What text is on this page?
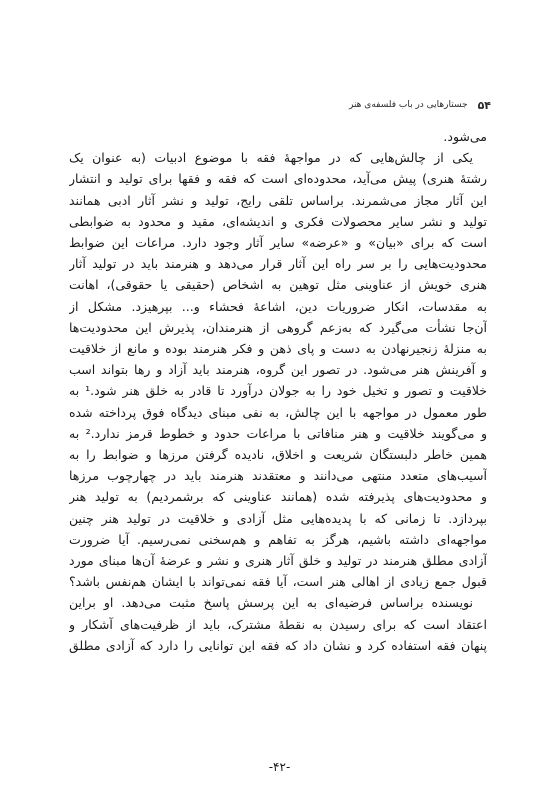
۵۴
جستارهایی در باب فلسفه‌ی هنر
می‌شود.
یکی از چالش‌هایی که در مواجهۀ فقه با موضوع ادبیات (به عنوان یک
رشتۀ هنری) پیش می‌آید، محدوده‌ای است که فقه و فقها برای تولید و انتشار
این آثار مجاز می‌شمرند. براساس تلقی رایج، تولید و نشر آثار ادبی همانند
تولید و نشر سایر محصولات فکری و اندیشه‌ای، مقید و محدود به ضوابطی
است که برای «بیان» و «عرضه» سایر آثار وجود دارد. مراعات این ضوابط
محدودیت‌هایی را بر سر راه این آثار قرار می‌دهد و هنرمند باید در تولید آثار
هنری خویش از عناوینی مثل توهین به اشخاص (حقیقی یا حقوقی)، اهانت
به مقدسات، انکار ضروریات دین، اشاعۀ فحشاء و... بپرهیزد. مشکل از
آن‌جا نشأت می‌گیرد که به‌زعم گروهی از هنرمندان، پذیرش این محدودیت‌ها
به منزلۀ زنجیرنهادن به دست و پای ذهن و فکر هنرمند بوده و مانع از خلاقیت
و آفرینش هنر می‌شود. در تصور این گروه، هنرمند باید آزاد و رها بتواند اسب
خلاقیت و تصور و تخیل خود را به جولان درآورد تا قادر به خلق هنر شود.¹ به
طور معمول در مواجهه با این چالش، به نفی مبنای دیدگاه فوق پرداخته شده
و می‌گویند خلاقیت و هنر منافاتی با مراعات حدود و خطوط قرمز ندارد.² به
همین خاطر دلبستگان شریعت و اخلاق، نادیده گرفتن مرزها و ضوابط را به
آسیب‌های متعدد منتهی می‌دانند و معتقدند هنرمند باید در چهارچوب مرزها
و محدودیت‌های پذیرفته شده (همانند عناوینی که برشمردیم) به تولید هنر
بپردازد. تا زمانی که با پدیده‌هایی مثل آزادی و خلاقیت در تولید هنر چنین
مواجهه‌ای داشته باشیم، هرگز به تفاهم و هم‌سخنی نمی‌رسیم. آیا ضرورت
آزادی مطلق هنرمند در تولید و خلق آثار هنری و نشر و عرضۀ آن‌ها مبنای مورد
قبول جمع زیادی از اهالی هنر است، آیا فقه نمی‌تواند با ایشان هم‌نفس باشد؟
نویسنده براساس فرضیه‌ای به این پرسش پاسخ مثبت می‌دهد. او براین
اعتقاد است که برای رسیدن به نقطۀ مشترک، باید از ظرفیت‌های آشکار و
پنهان فقه استفاده کرد و نشان داد که فقه این توانایی را دارد که آزادی مطلق
-۴۲-
